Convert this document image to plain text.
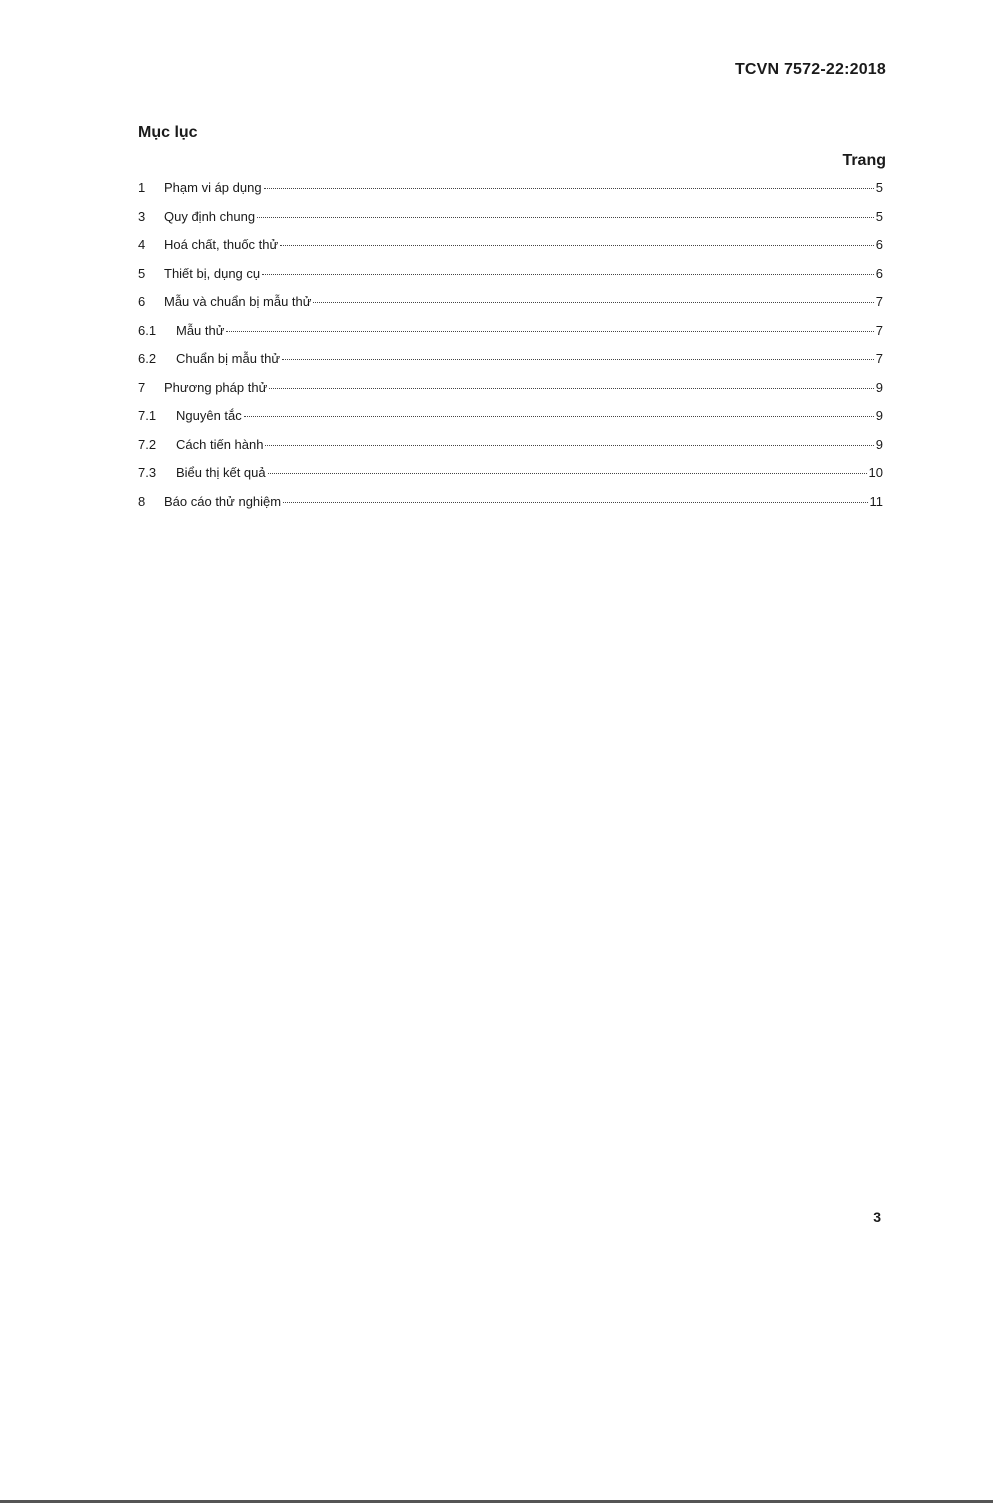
TCVN 7572-22:2018
Mục lục
Trang
1	Phạm vi áp dụng	5
3	Quy định chung	5
4	Hoá chất, thuốc thử	6
5	Thiết bị, dụng cụ	6
6	Mẫu và chuẩn bị mẫu thử	7
6.1	Mẫu thử	7
6.2	Chuẩn bị mẫu thử	7
7	Phương pháp thử	9
7.1	Nguyên tắc	9
7.2	Cách tiến hành	9
7.3	Biểu thị kết quả	10
8	Báo cáo thử nghiệm	11
3
